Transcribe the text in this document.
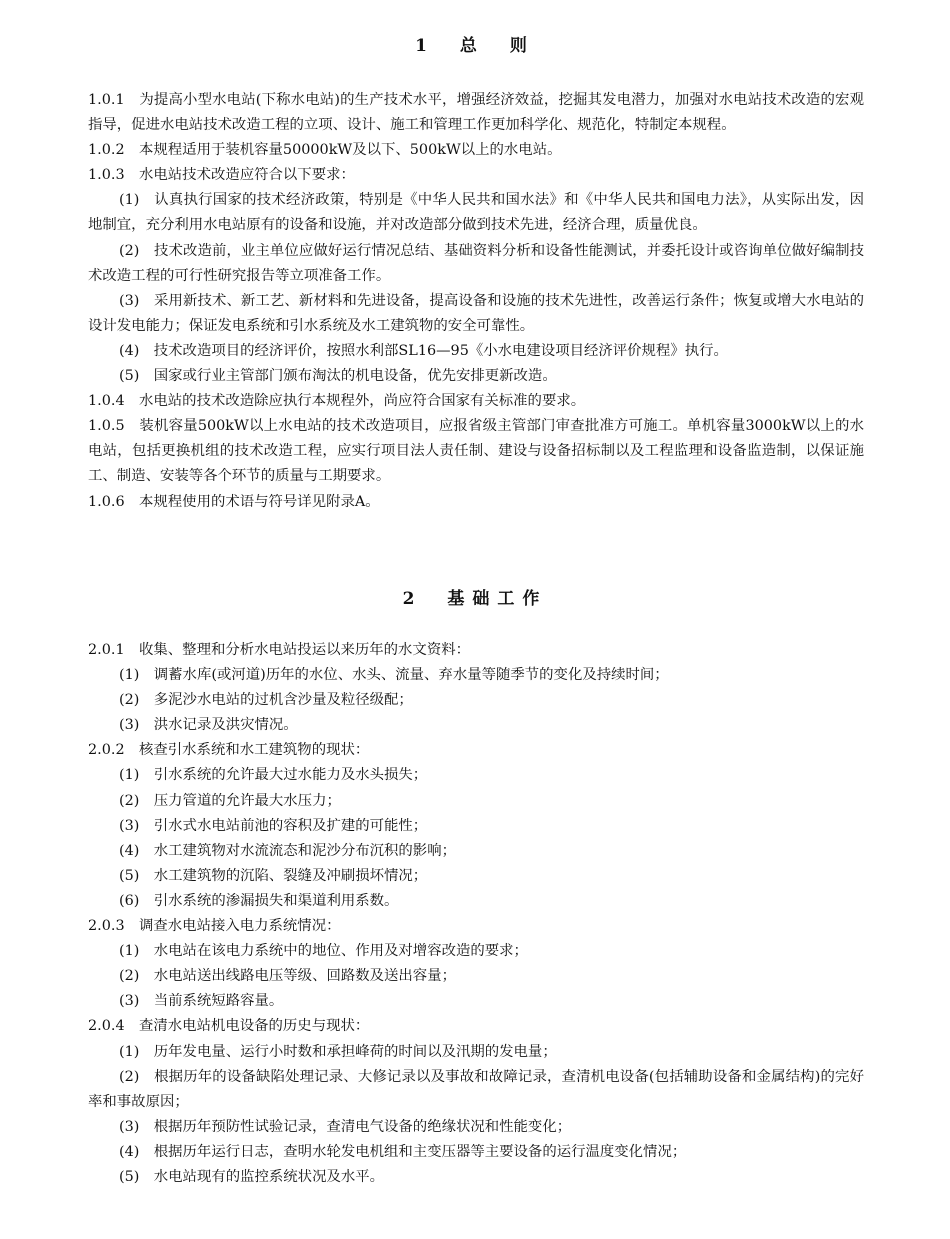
1　总　则

1.0.1　为提高小型水电站(下称水电站)的生产技术水平，增强经济效益，挖掘其发电潜力，加强对水电站技术改造的宏观指导，促进水电站技术改造工程的立项、设计、施工和管理工作更加科学化、规范化，特制定本规程。

1.0.2　本规程适用于装机容量50000kW及以下、500kW以上的水电站。

1.0.3　水电站技术改造应符合以下要求：

(1)　认真执行国家的技术经济政策，特别是《中华人民共和国水法》和《中华人民共和国电力法》，从实际出发，因地制宜，充分利用水电站原有的设备和设施，并对改造部分做到技术先进，经济合理，质量优良。

(2)　技术改造前，业主单位应做好运行情况总结、基础资料分析和设备性能测试，并委托设计或咨询单位做好编制技术改造工程的可行性研究报告等立项准备工作。

(3)　采用新技术、新工艺、新材料和先进设备，提高设备和设施的技术先进性，改善运行条件；恢复或增大水电站的设计发电能力；保证发电系统和引水系统及水工建筑物的安全可靠性。

(4)　技术改造项目的经济评价，按照水利部SL16—95《小水电建设项目经济评价规程》执行。

(5)　国家或行业主管部门颁布淘汰的机电设备，优先安排更新改造。

1.0.4　水电站的技术改造除应执行本规程外，尚应符合国家有关标准的要求。

1.0.5　装机容量500kW以上水电站的技术改造项目，应报省级主管部门审查批准方可施工。单机容量3000kW以上的水电站，包括更换机组的技术改造工程，应实行项目法人责任制、建设与设备招标制以及工程监理和设备监造制，以保证施工、制造、安装等各个环节的质量与工期要求。

1.0.6　本规程使用的术语与符号详见附录A。

2　基础工作

2.0.1　收集、整理和分析水电站投运以来历年的水文资料：

(1)　调蓄水库(或河道)历年的水位、水头、流量、弃水量等随季节的变化及持续时间；

(2)　多泥沙水电站的过机含沙量及粒径级配；

(3)　洪水记录及洪灾情况。

2.0.2　核查引水系统和水工建筑物的现状：

(1)　引水系统的允许最大过水能力及水头损失；

(2)　压力管道的允许最大水压力；

(3)　引水式水电站前池的容积及扩建的可能性；

(4)　水工建筑物对水流流态和泥沙分布沉积的影响；

(5)　水工建筑物的沉陷、裂缝及冲刷损坏情况；

(6)　引水系统的渗漏损失和渠道利用系数。

2.0.3　调查水电站接入电力系统情况：

(1)　水电站在该电力系统中的地位、作用及对增容改造的要求；

(2)　水电站送出线路电压等级、回路数及送出容量；

(3)　当前系统短路容量。

2.0.4　查清水电站机电设备的历史与现状：

(1)　历年发电量、运行小时数和承担峰荷的时间以及汛期的发电量；

(2)　根据历年的设备缺陷处理记录、大修记录以及事故和故障记录，查清机电设备(包括辅助设备和金属结构)的完好率和事故原因；

(3)　根据历年预防性试验记录，查清电气设备的绝缘状况和性能变化；

(4)　根据历年运行日志，查明水轮发电机组和主变压器等主要设备的运行温度变化情况；

(5)　水电站现有的监控系统状况及水平。
